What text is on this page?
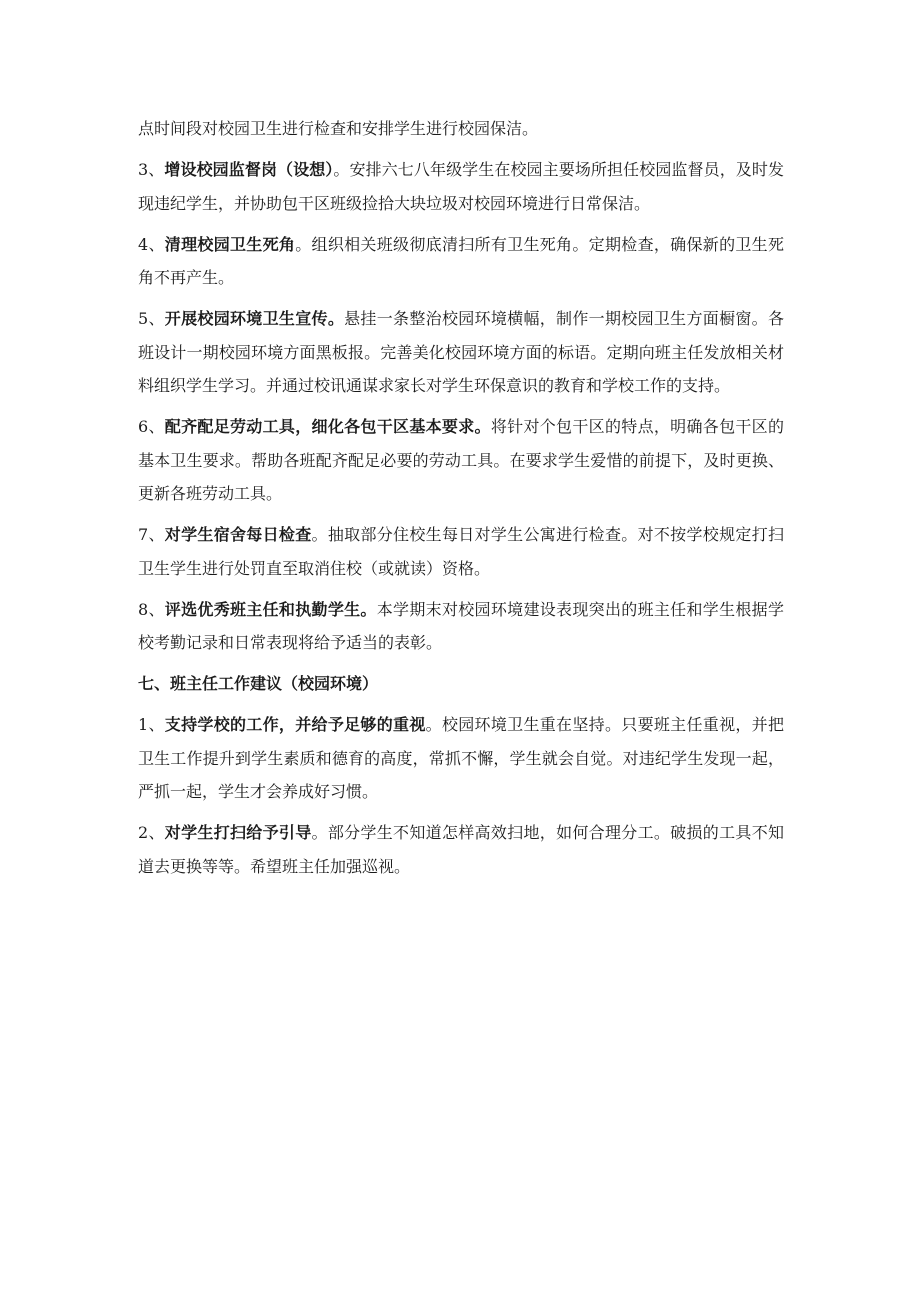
点时间段对校园卫生进行检查和安排学生进行校园保洁。

3、增设校园监督岗（设想）。安排六七八年级学生在校园主要场所担任校园监督员，及时发现违纪学生，并协助包干区班级捡拾大块垃圾对校园环境进行日常保洁。

4、清理校园卫生死角。组织相关班级彻底清扫所有卫生死角。定期检查，确保新的卫生死角不再产生。

5、开展校园环境卫生宣传。悬挂一条整治校园环境横幅，制作一期校园卫生方面橱窗。各班设计一期校园环境方面黑板报。完善美化校园环境方面的标语。定期向班主任发放相关材料组织学生学习。并通过校讯通谋求家长对学生环保意识的教育和学校工作的支持。

6、配齐配足劳动工具，细化各包干区基本要求。将针对个包干区的特点，明确各包干区的基本卫生要求。帮助各班配齐配足必要的劳动工具。在要求学生爱惜的前提下，及时更换、更新各班劳动工具。

7、对学生宿舍每日检查。抽取部分住校生每日对学生公寓进行检查。对不按学校规定打扫卫生学生进行处罚直至取消住校（或就读）资格。

8、评选优秀班主任和执勤学生。本学期末对校园环境建设表现突出的班主任和学生根据学校考勤记录和日常表现将给予适当的表彰。

七、班主任工作建议（校园环境）

1、支持学校的工作，并给予足够的重视。校园环境卫生重在坚持。只要班主任重视，并把卫生工作提升到学生素质和德育的高度，常抓不懈，学生就会自觉。对违纪学生发现一起，严抓一起，学生才会养成好习惯。

2、对学生打扫给予引导。部分学生不知道怎样高效扫地，如何合理分工。破损的工具不知道去更换等等。希望班主任加强巡视。
